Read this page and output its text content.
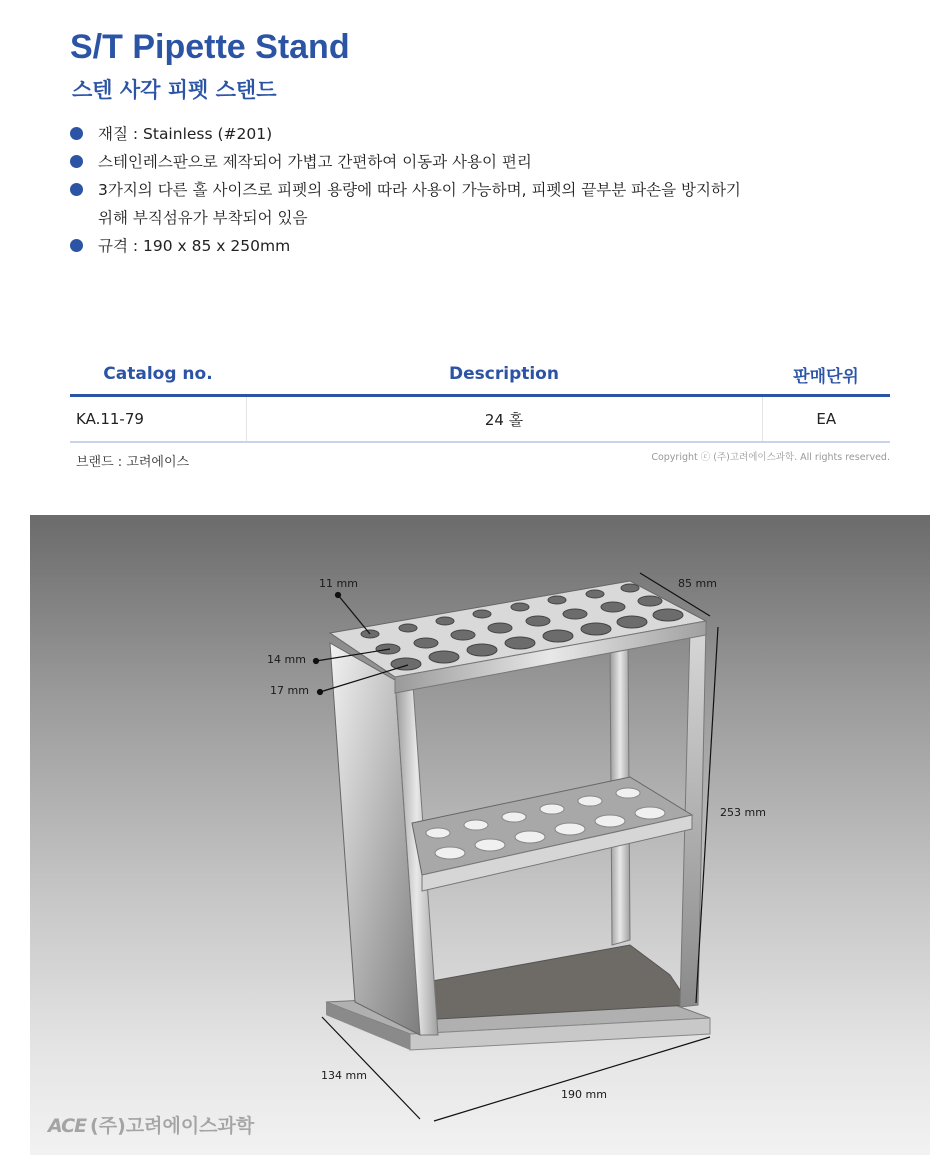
S/T Pipette Stand
스텐 사각 피펫 스탠드
재질 : Stainless (#201)
스테인레스판으로 제작되어 가볍고 간편하여 이동과 사용이 편리
3가지의 다른 홀 사이즈로 피펫의 용량에 따라 사용이 가능하며, 피펫의 끝부분 파손을 방지하기
위해 부직섬유가 부착되어 있음
규격 : 190 x 85 x 250mm
Catalog no.	Description	판매단위
KA.11-79	24 홀	EA
브랜드 : 고려에이스	Copyright ⓒ (주)고려에이스과학. All rights reserved.
11 mm	85 mm
14 mm
17 mm
253 mm
134 mm
190 mm
ACE (주)고려에이스과학
